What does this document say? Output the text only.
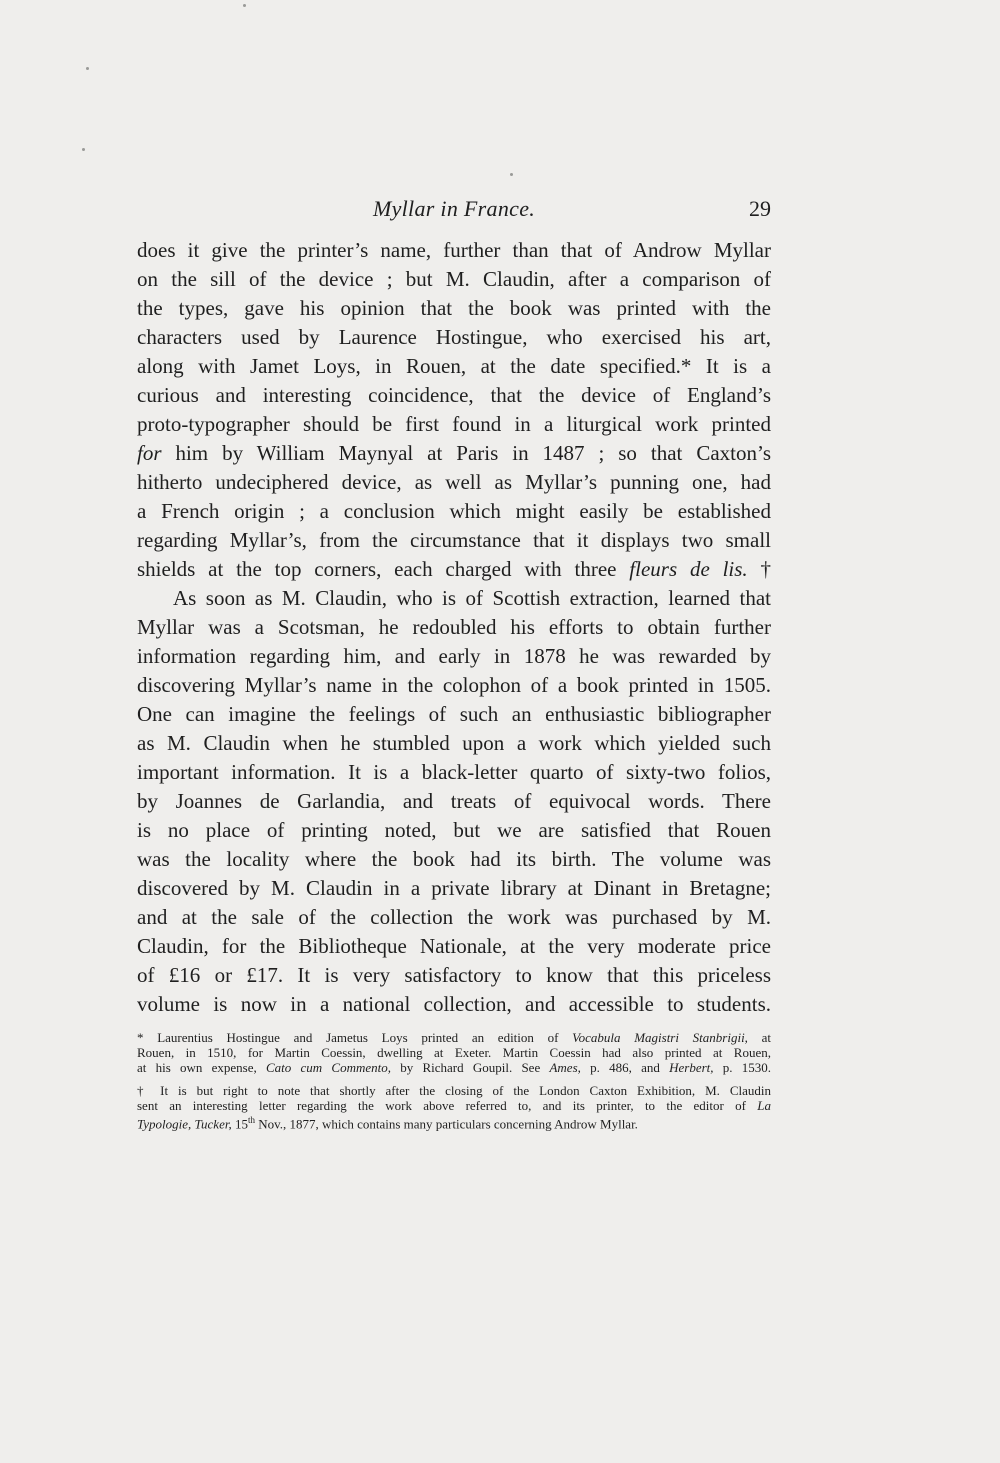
Myllar in France.	29
does it give the printer’s name, further than that of Androw Myllar
on the sill of the device ; but M. Claudin, after a comparison of
the types, gave his opinion that the book was printed with the
characters used by Laurence Hostingue, who exercised his art,
along with Jamet Loys, in Rouen, at the date specified.* It is a
curious and interesting coincidence, that the device of England’s
proto-typographer should be first found in a liturgical work printed
for him by William Maynyal at Paris in 1487 ; so that Caxton’s
hitherto undeciphered device, as well as Myllar’s punning one, had
a French origin ; a conclusion which might easily be established
regarding Myllar’s, from the circumstance that it displays two small
shields at the top corners, each charged with three fleurs de lis. †
As soon as M. Claudin, who is of Scottish extraction, learned that
Myllar was a Scotsman, he redoubled his efforts to obtain further
information regarding him, and early in 1878 he was rewarded by
discovering Myllar’s name in the colophon of a book printed in 1505.
One can imagine the feelings of such an enthusiastic bibliographer
as M. Claudin when he stumbled upon a work which yielded such
important information. It is a black-letter quarto of sixty-two folios,
by Joannes de Garlandia, and treats of equivocal words. There
is no place of printing noted, but we are satisfied that Rouen
was the locality where the book had its birth. The volume was
discovered by M. Claudin in a private library at Dinant in Bretagne;
and at the sale of the collection the work was purchased by M.
Claudin, for the Bibliotheque Nationale, at the very moderate price
of £16 or £17. It is very satisfactory to know that this priceless
volume is now in a national collection, and accessible to students.
* Laurentius Hostingue and Jametus Loys printed an edition of Vocabula Magistri Stanbrigii, at
Rouen, in 1510, for Martin Coessin, dwelling at Exeter. Martin Coessin had also printed at Rouen,
at his own expense, Cato cum Commento, by Richard Goupil. See Ames, p. 486, and Herbert, p. 1530.
† It is but right to note that shortly after the closing of the London Caxton Exhibition, M. Claudin
sent an interesting letter regarding the work above referred to, and its printer, to the editor of La
Typologie, Tucker, 15th Nov., 1877, which contains many particulars concerning Androw Myllar.
